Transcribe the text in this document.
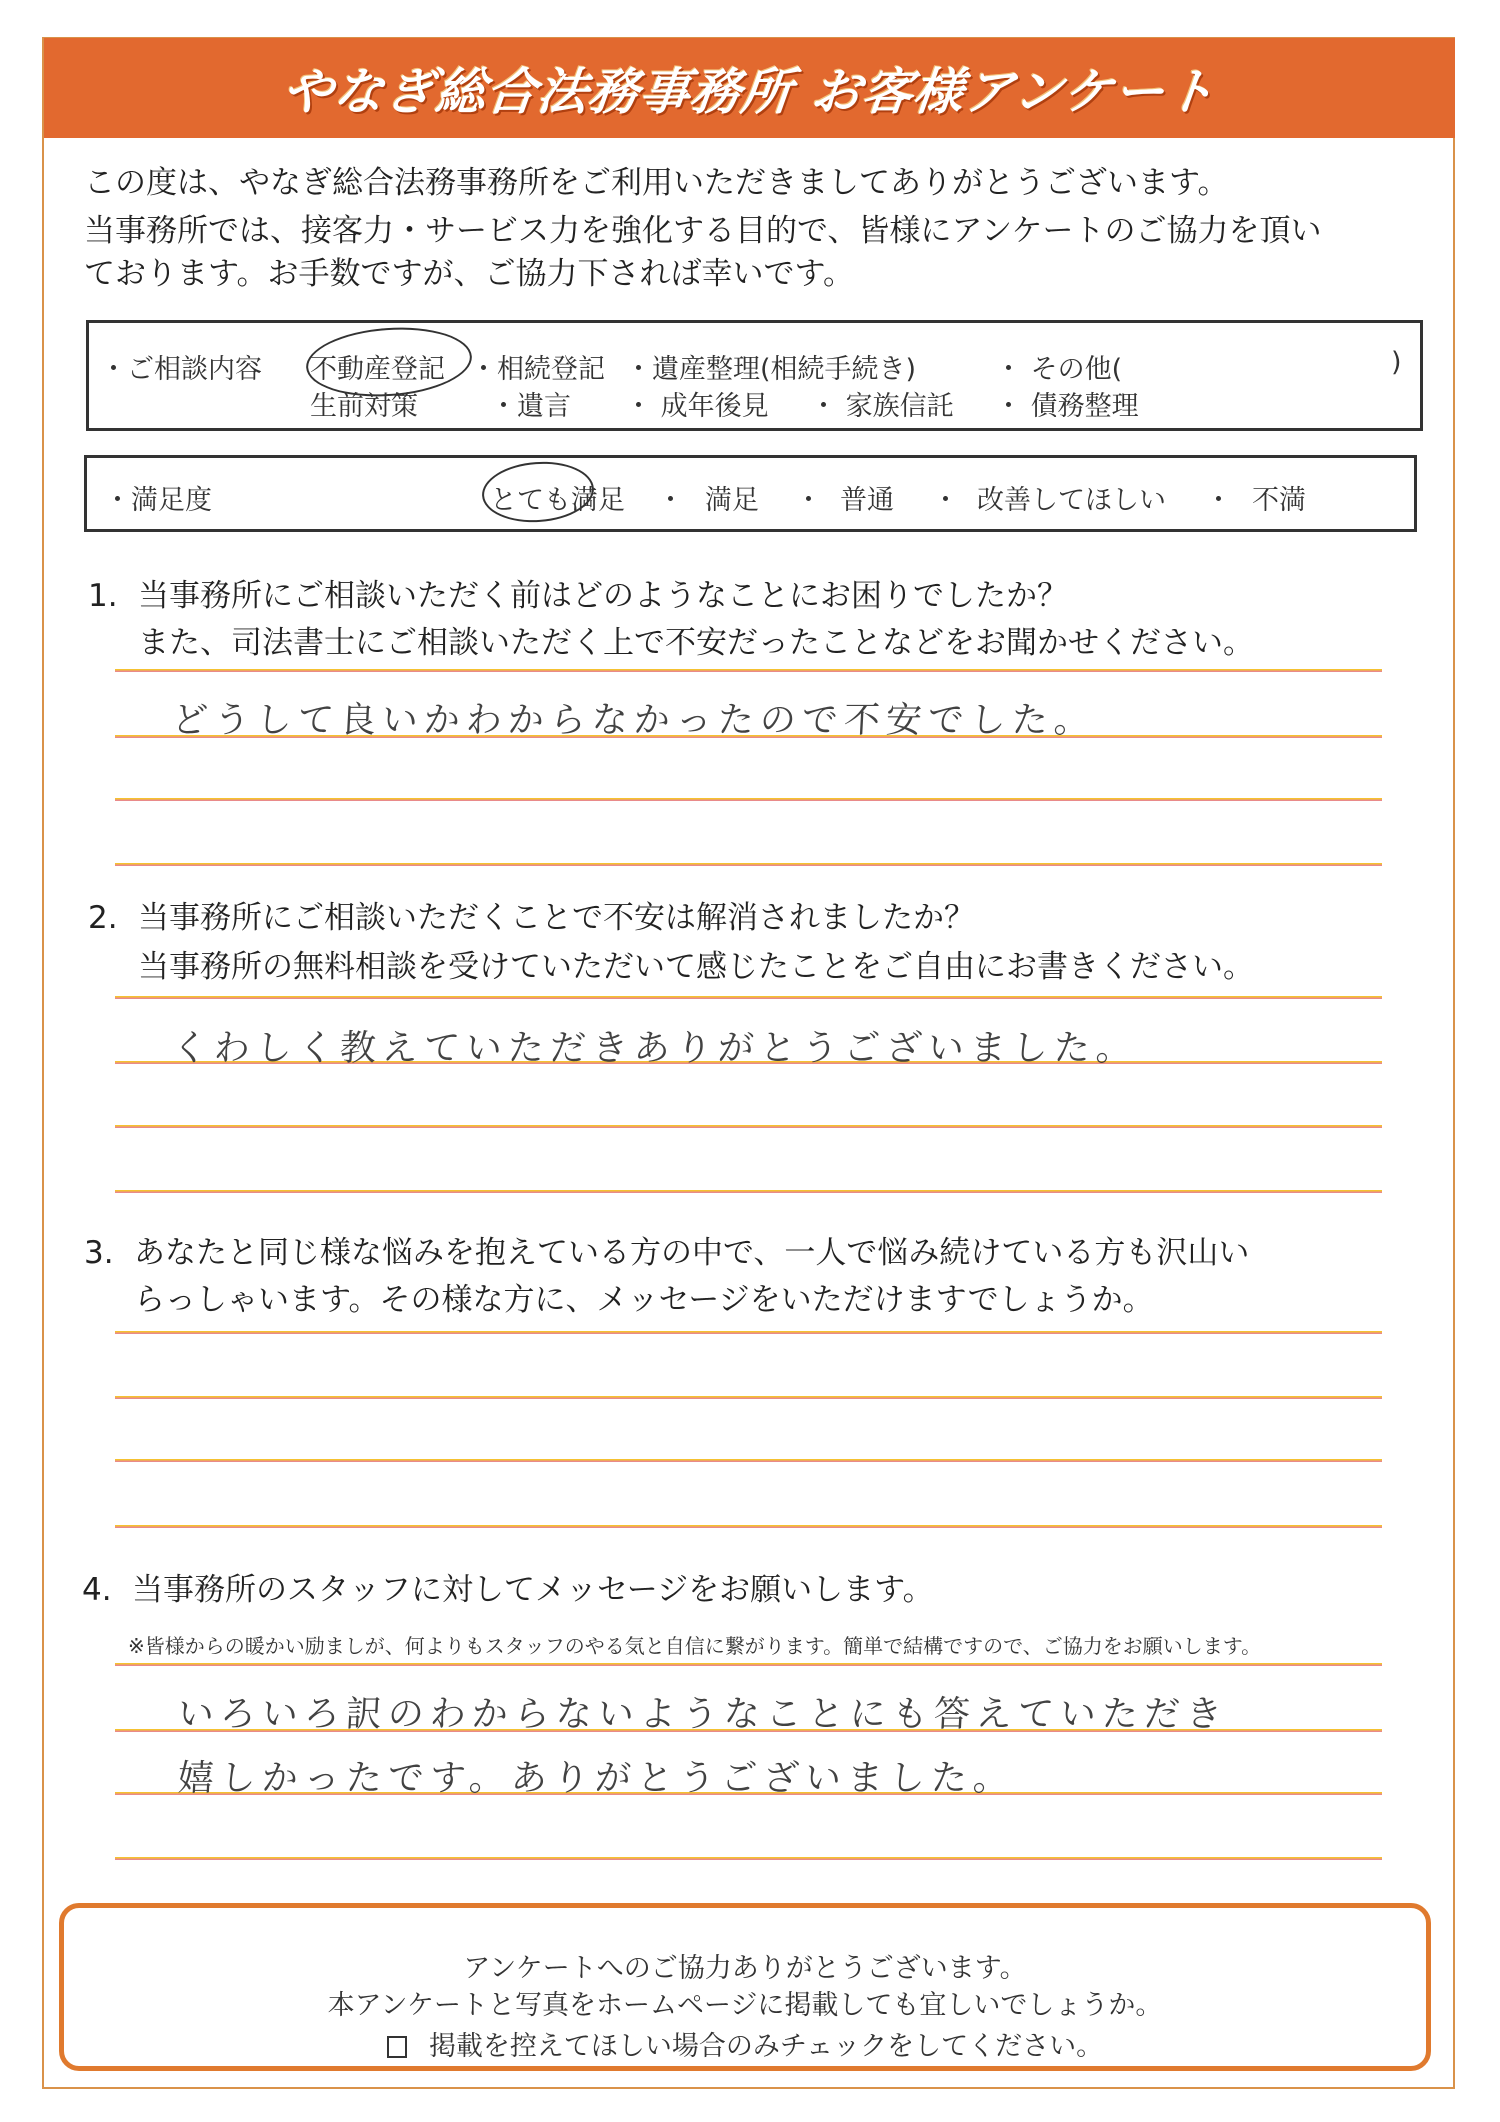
やなぎ総合法務事務所 お客様アンケート
この度は、やなぎ総合法務事務所をご利用いただきましてありがとうございます。
当事務所では、接客力・サービス力を強化する目的で、皆様にアンケートのご協力を頂い
ております。お手数ですが、ご協力下されば幸いです。
・ご相談内容 不動産登記 ・相続登記 ・遺産整理(相続手続き)	・ その他(	)
生前対策	・遺言 ・ 成年後見 ・ 家族信託 ・ 債務整理
・満足度	とても満足 ・ 満足 ・ 普通 ・ 改善してほしい ・ 不満
1. 当事務所にご相談いただく前はどのようなことにお困りでしたか？
また、司法書士にご相談いただく上で不安だったことなどをお聞かせください。
どうして良いかわからなかったので不安でした。
2. 当事務所にご相談いただくことで不安は解消されましたか？
当事務所の無料相談を受けていただいて感じたことをご自由にお書きください。
くわしく教えていただきありがとうございました。
3. あなたと同じ様な悩みを抱えている方の中で、一人で悩み続けている方も沢山い
らっしゃいます。その様な方に、メッセージをいただけますでしょうか。
4. 当事務所のスタッフに対してメッセージをお願いします。
※皆様からの暖かい励ましが、何よりもスタッフのやる気と自信に繋がります。簡単で結構ですので、ご協力をお願いします。
いろいろ訳のわからないようなことにも答えていただき
嬉しかったです。ありがとうございました。
アンケートへのご協力ありがとうございます。
本アンケートと写真をホームページに掲載しても宜しいでしょうか。
掲載を控えてほしい場合のみチェックをしてください。
